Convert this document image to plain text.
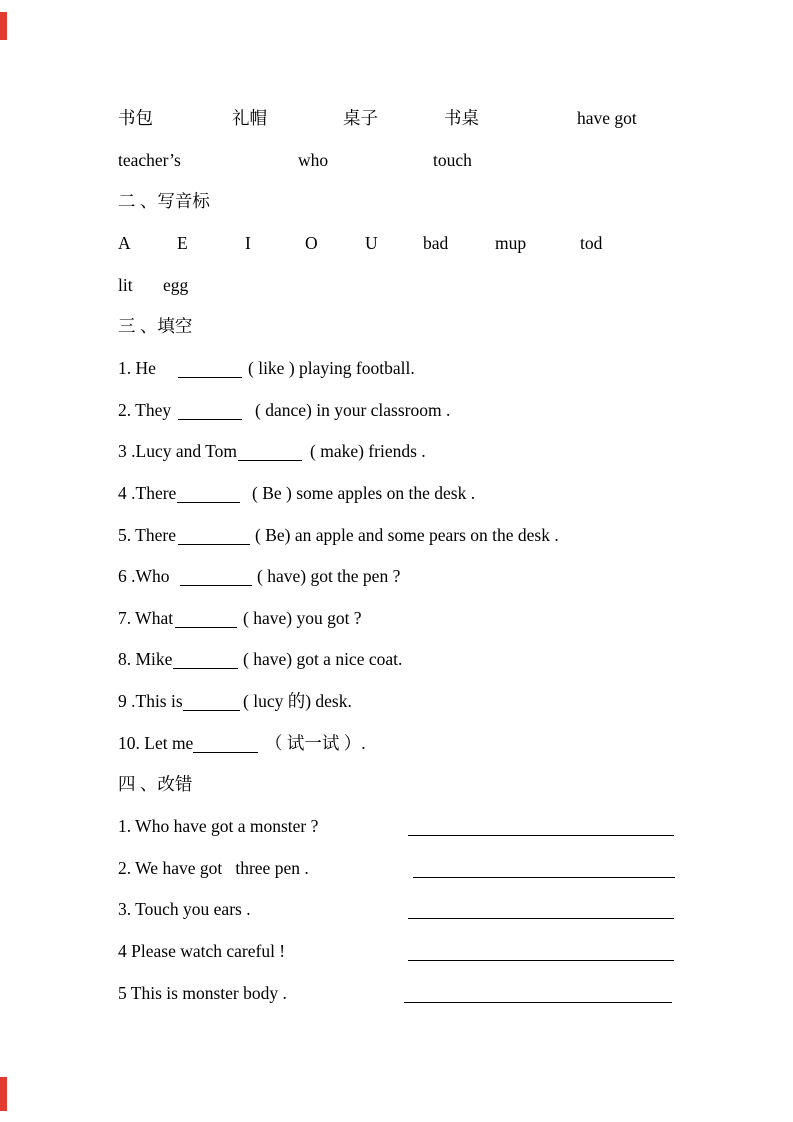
书包	礼帽	桌子	书桌	have got
teacher’s	who	touch
二 、写音标
A	E	I	O	U	bad	mup	tod
lit egg
三 、填空
1. He	( like ) playing football.
2. They	( dance) in your classroom .
3 .Lucy and Tom	( make) friends .
4 .There	( Be ) some apples on the desk .
5. There	( Be) an apple and some pears on the desk .
6 .Who	( have) got the pen ?
7. What	( have) you got ?
8. Mike	( have) got a nice coat.
9 .This is	( lucy 的) desk.
10. Let me	（ 试一试 ）.
四 、改错
1. Who have got a monster ?
2. We have got   three pen .
3. Touch you ears .
4 Please watch careful !
5 This is monster body .
